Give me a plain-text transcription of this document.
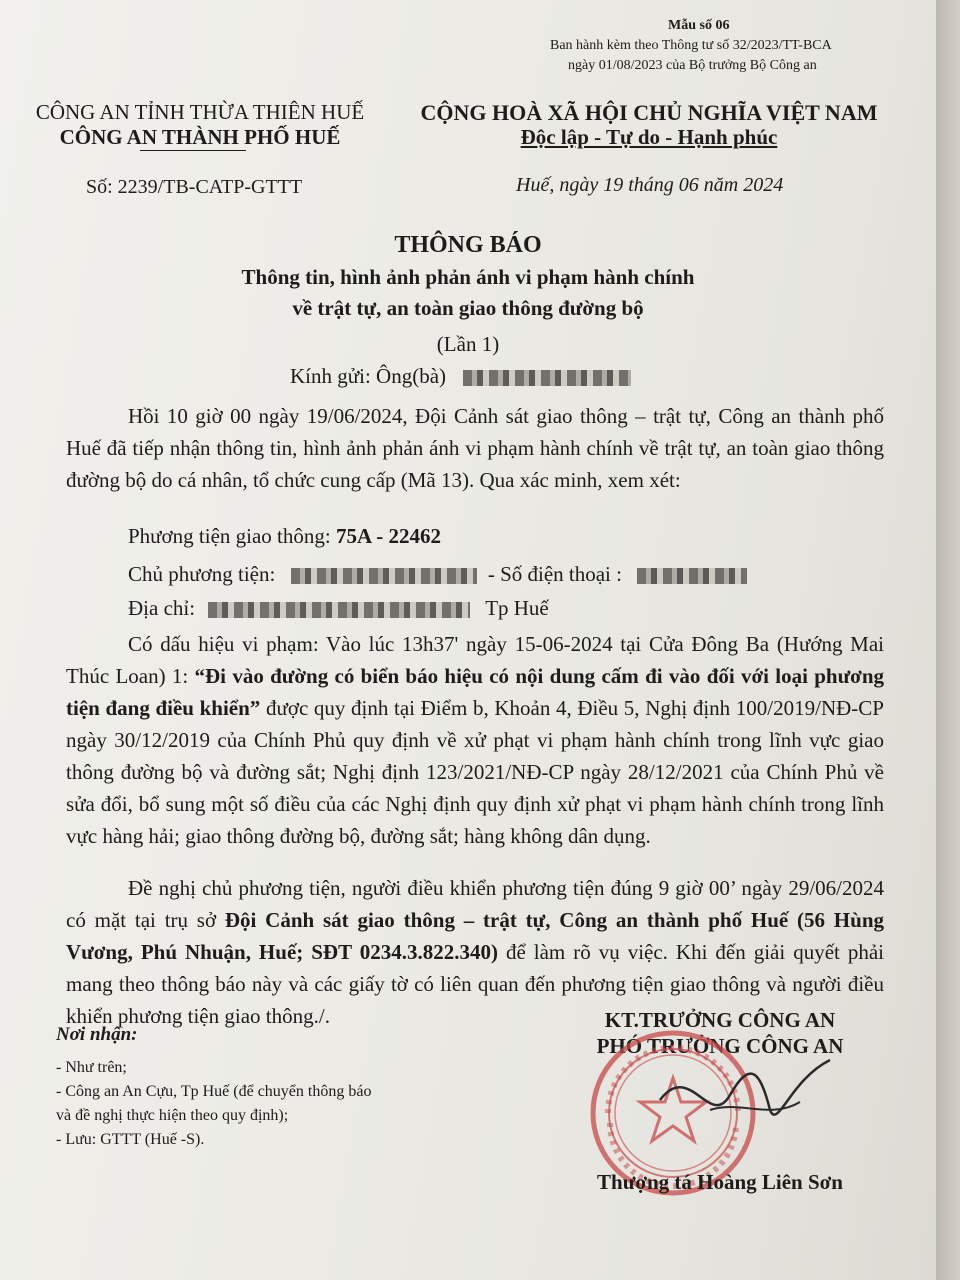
Mẫu số 06
Ban hành kèm theo Thông tư số 32/2023/TT-BCA
ngày 01/08/2023 của Bộ trưởng Bộ Công an
CÔNG AN TỈNH THỪA THIÊN HUẾ
CÔNG AN THÀNH PHỐ HUẾ
Số: 2239/TB-CATP-GTTT
CỘNG HOÀ XÃ HỘI CHỦ NGHĨA VIỆT NAM
Độc lập - Tự do - Hạnh phúc
Huế, ngày 19 tháng 06 năm 2024
THÔNG BÁO
Thông tin, hình ảnh phản ánh vi phạm hành chính
về trật tự, an toàn giao thông đường bộ
(Lần 1)
Kính gửi: Ông(bà)
Hồi 10 giờ 00 ngày 19/06/2024, Đội Cảnh sát giao thông – trật tự, Công an thành phố Huế đã tiếp nhận thông tin, hình ảnh phản ánh vi phạm hành chính về trật tự, an toàn giao thông đường bộ do cá nhân, tổ chức cung cấp (Mã 13). Qua xác minh, xem xét:
Phương tiện giao thông: 75A - 22462
Chủ phương tiện:	- Số điện thoại :
Địa chỉ:	Tp Huế
Có dấu hiệu vi phạm: Vào lúc 13h37' ngày 15-06-2024 tại Cửa Đông Ba (Hướng Mai Thúc Loan) 1: “Đi vào đường có biển báo hiệu có nội dung cấm đi vào đối với loại phương tiện đang điều khiển” được quy định tại Điểm b, Khoản 4, Điều 5, Nghị định 100/2019/NĐ-CP ngày 30/12/2019 của Chính Phủ quy định về xử phạt vi phạm hành chính trong lĩnh vực giao thông đường bộ và đường sắt; Nghị định 123/2021/NĐ-CP ngày 28/12/2021 của Chính Phủ về sửa đổi, bổ sung một số điều của các Nghị định quy định xử phạt vi phạm hành chính trong lĩnh vực hàng hải; giao thông đường bộ, đường sắt; hàng không dân dụng.
Đề nghị chủ phương tiện, người điều khiển phương tiện đúng 9 giờ 00’ ngày 29/06/2024 có mặt tại trụ sở Đội Cảnh sát giao thông – trật tự, Công an thành phố Huế (56 Hùng Vương, Phú Nhuận, Huế; SĐT 0234.3.822.340) để làm rõ vụ việc. Khi đến giải quyết phải mang theo thông báo này và các giấy tờ có liên quan đến phương tiện giao thông và người điều khiển phương tiện giao thông./.
Nơi nhận:
- Như trên;
- Công an An Cựu, Tp Huế (để chuyển thông báo
và đề nghị thực hiện theo quy định);
- Lưu: GTTT (Huế -S).
KT.TRƯỞNG CÔNG AN
PHÓ TRƯỞNG CÔNG AN
Thượng tá Hoàng Liên Sơn
